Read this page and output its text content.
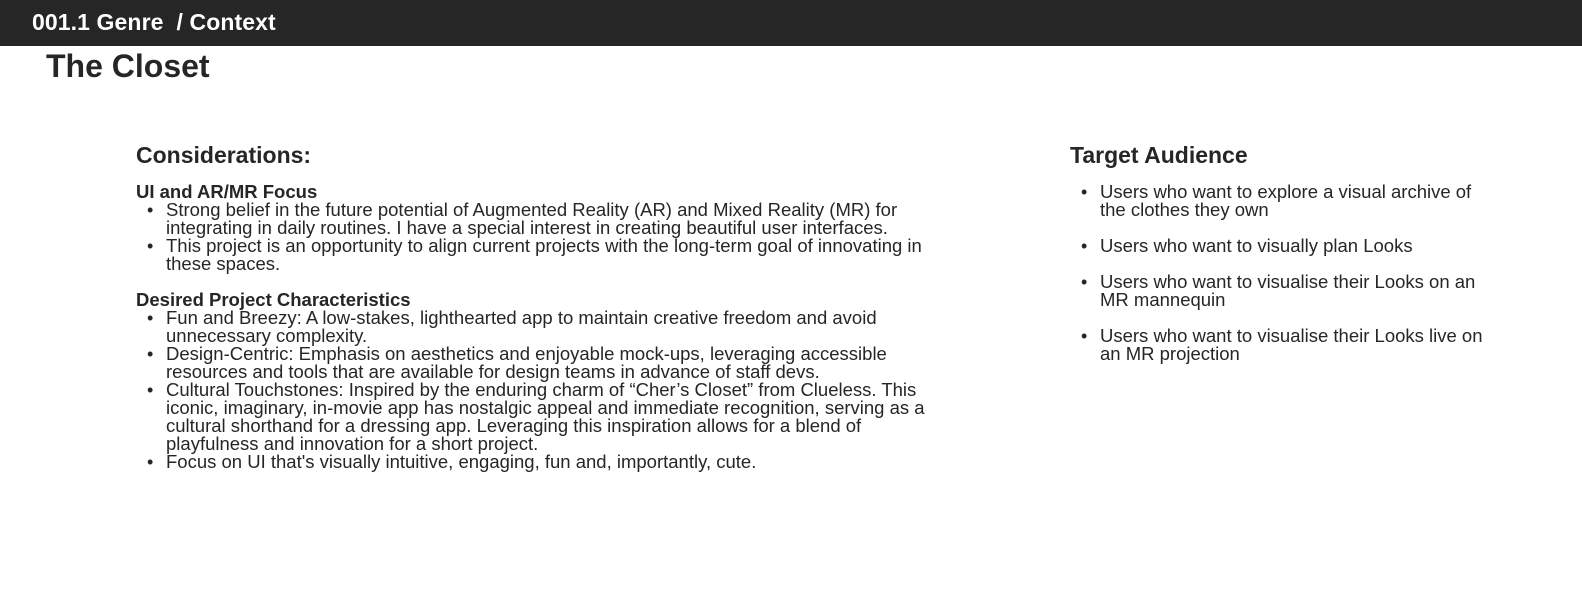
001.1 Genre  / Context
The Closet
Considerations:
UI and AR/MR Focus
• Strong belief in the future potential of Augmented Reality (AR) and Mixed Reality (MR) for integrating in daily routines. I have a special interest in creating beautiful user interfaces.
• This project is an opportunity to align current projects with the long-term goal of innovating in these spaces.
Desired Project Characteristics
• Fun and Breezy: A low-stakes, lighthearted app to maintain creative freedom and avoid unnecessary complexity.
• Design-Centric: Emphasis on aesthetics and enjoyable mock-ups, leveraging accessible resources and tools that are available for design teams in advance of staff devs.
• Cultural Touchstones: Inspired by the enduring charm of “Cher’s Closet” from Clueless. This iconic, imaginary, in-movie app has nostalgic appeal and immediate recognition, serving as a cultural shorthand for a dressing app. Leveraging this inspiration allows for a blend of playfulness and innovation for a short project.
• Focus on UI that's visually intuitive, engaging, fun and, importantly, cute.
Target Audience
• Users who want to explore a visual archive of the clothes they own
• Users who want to visually plan Looks
• Users who want to visualise their Looks on an MR mannequin
• Users who want to visualise their Looks live on an MR projection
